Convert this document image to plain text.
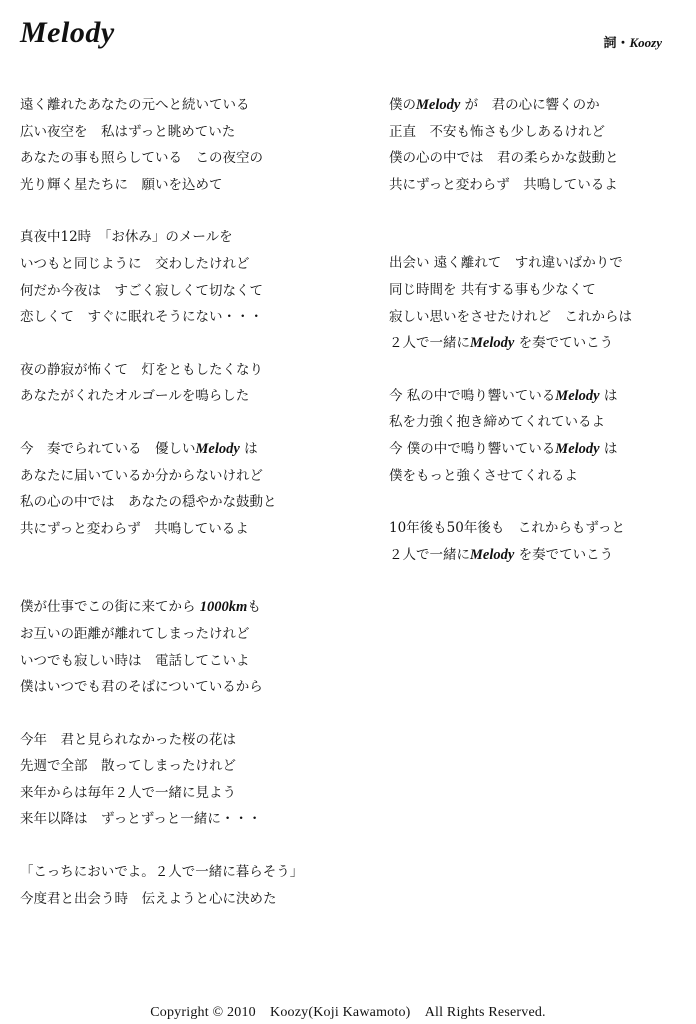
Melody	詞・Koozy
遠く離れたあなたの元へと続いている
広い夜空を　私はずっと眺めていた
あなたの事も照らしている　この夜空の
光り輝く星たちに　願いを込めて
真夜中12時　「お休み」のメールを
いつもと同じように　交わしたけれど
何だか今夜は　すごく寂しくて切なくて
恋しくて　すぐに眠れそうにない・・・
夜の静寂が怖くて　灯をともしたくなり
あなたがくれたオルゴールを鳴らした
今　奏でられている　優しいMelody は
あなたに届いているか分からないけれど
私の心の中では　あなたの穏やかな鼓動と
共にずっと変わらず　共鳴しているよ
僕が仕事でこの街に来てから 1000kmも
お互いの距離が離れてしまったけれど
いつでも寂しい時は　電話してこいよ
僕はいつでも君のそばについているから
今年　君と見られなかった桜の花は
先週で全部　散ってしまったけれど
来年からは毎年２人で一緒に見よう
来年以降は　ずっとずっと一緒に・・・
「こっちにおいでよ。２人で一緒に暮らそう」
今度君と出会う時　伝えようと心に決めた
僕のMelody が　君の心に響くのか
正直　不安も怖さも少しあるけれど
僕の心の中では　君の柔らかな鼓動と
共にずっと変わらず　共鳴しているよ
出会い 遠く離れて　すれ違いばかりで
同じ時間を 共有する事も少なくて
寂しい思いをさせたけれど　これからは
２人で一緒にMelody を奏でていこう
今 私の中で鳴り響いているMelody は
私を力強く抱き締めてくれているよ
今 僕の中で鳴り響いているMelody は
僕をもっと強くさせてくれるよ
10年後も50年後も　これからもずっと
２人で一緒にMelody を奏でていこう
Copyright © 2010　Koozy(Koji Kawamoto)　All Rights Reserved.
